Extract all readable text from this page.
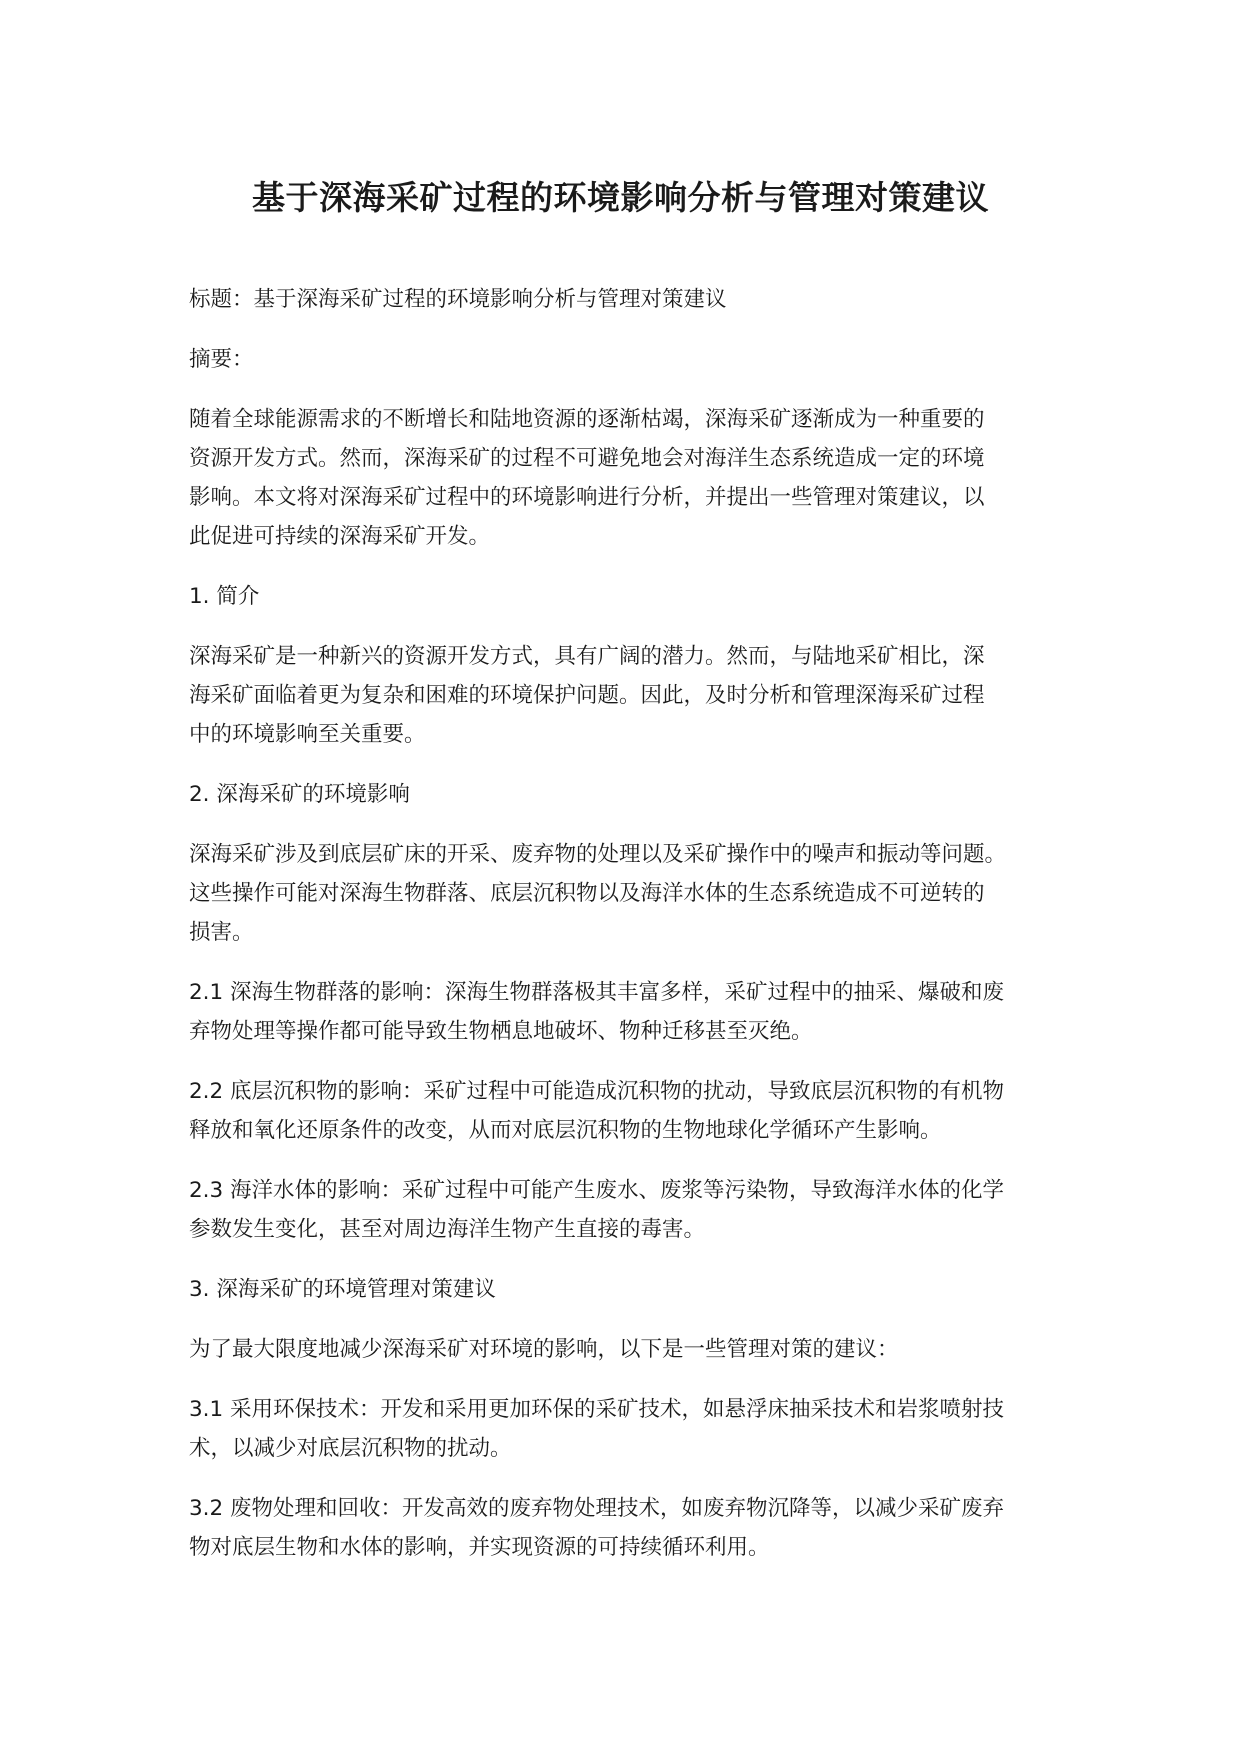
基于深海采矿过程的环境影响分析与管理对策建议

标题：基于深海采矿过程的环境影响分析与管理对策建议

摘要：

随着全球能源需求的不断增长和陆地资源的逐渐枯竭，深海采矿逐渐成为一种重要的
资源开发方式。然而，深海采矿的过程不可避免地会对海洋生态系统造成一定的环境
影响。本文将对深海采矿过程中的环境影响进行分析，并提出一些管理对策建议，以
此促进可持续的深海采矿开发。

1. 简介

深海采矿是一种新兴的资源开发方式，具有广阔的潜力。然而，与陆地采矿相比，深
海采矿面临着更为复杂和困难的环境保护问题。因此，及时分析和管理深海采矿过程
中的环境影响至关重要。

2. 深海采矿的环境影响

深海采矿涉及到底层矿床的开采、废弃物的处理以及采矿操作中的噪声和振动等问题。
这些操作可能对深海生物群落、底层沉积物以及海洋水体的生态系统造成不可逆转的
损害。

2.1 深海生物群落的影响：深海生物群落极其丰富多样，采矿过程中的抽采、爆破和废
弃物处理等操作都可能导致生物栖息地破坏、物种迁移甚至灭绝。

2.2 底层沉积物的影响：采矿过程中可能造成沉积物的扰动，导致底层沉积物的有机物
释放和氧化还原条件的改变，从而对底层沉积物的生物地球化学循环产生影响。

2.3 海洋水体的影响：采矿过程中可能产生废水、废浆等污染物，导致海洋水体的化学
参数发生变化，甚至对周边海洋生物产生直接的毒害。

3. 深海采矿的环境管理对策建议

为了最大限度地减少深海采矿对环境的影响，以下是一些管理对策的建议：

3.1 采用环保技术：开发和采用更加环保的采矿技术，如悬浮床抽采技术和岩浆喷射技
术，以减少对底层沉积物的扰动。

3.2 废物处理和回收：开发高效的废弃物处理技术，如废弃物沉降等，以减少采矿废弃
物对底层生物和水体的影响，并实现资源的可持续循环利用。
